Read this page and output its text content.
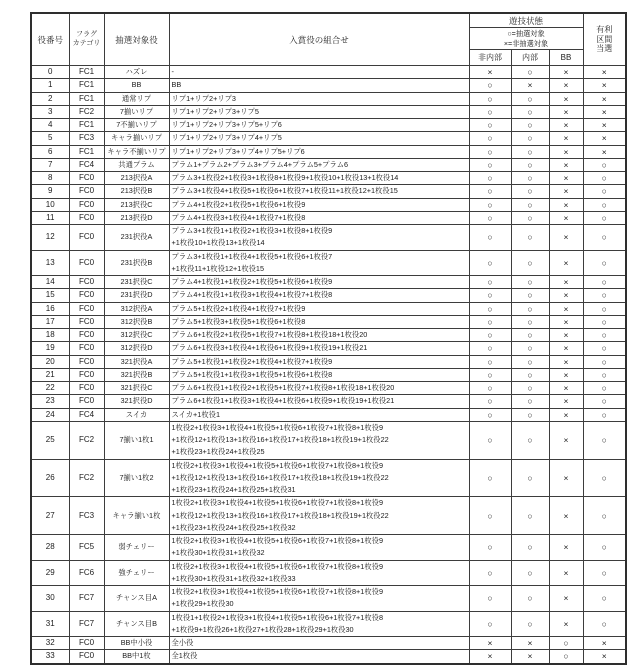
役番号	フラグ
カテゴリ	抽選対象役	入賞役の組合せ	遊技状態	
有利
区間
当選

				○=抽選対象
×=非抽選対象			

				非内部	内部	BB	
0	FC1	ハズレ	-	×	○	×	×
1	FC1	BB	BB	○	×	×	×
2	FC1	通常リプ	リプ1+リプ2+リプ3	○	○	×	×
3	FC2	7揃いリプ	リプ1+リプ2+リプ3+リプ5	○	○	×	×
4	FC1	7不揃いリプ	リプ1+リプ2+リプ3+リプ5+リプ6	○	○	×	×
5	FC3	キャラ揃いリプ	リプ1+リプ2+リプ3+リプ4+リプ5	○	○	×	×
6	FC1	キャラ不揃いリプ	リプ1+リプ2+リプ3+リプ4+リプ5+リプ6	○	○	×	×
7	FC4	共通プラム	プラム1+プラム2+プラム3+プラム4+プラム5+プラム6	○	○	×	○
8	FC0	213択役A	プラム3+1枚役2+1枚役3+1枚役8+1枚役9+1枚役10+1枚役13+1枚役14	○	○	×	○
9	FC0	213択役B	プラム3+1枚役4+1枚役5+1枚役6+1枚役7+1枚役11+1枚役12+1枚役15	○	○	×	○
10	FC0	213択役C	プラム4+1枚役2+1枚役5+1枚役6+1枚役9	○	○	×	○
11	FC0	213択役D	プラム4+1枚役3+1枚役4+1枚役7+1枚役8	○	○	×	○
12	FC0	231択役A	プラム3+1枚役1+1枚役2+1枚役3+1枚役8+1枚役9
+1枚役10+1枚役13+1枚役14	○	○	×	○
13	FC0	231択役B	プラム3+1枚役1+1枚役4+1枚役5+1枚役6+1枚役7
+1枚役11+1枚役12+1枚役15	○	○	×	○
14	FC0	231択役C	プラム4+1枚役1+1枚役2+1枚役5+1枚役6+1枚役9	○	○	×	○
15	FC0	231択役D	プラム4+1枚役1+1枚役3+1枚役4+1枚役7+1枚役8	○	○	×	○
16	FC0	312択役A	プラム5+1枚役2+1枚役4+1枚役7+1枚役9	○	○	×	○
17	FC0	312択役B	プラム5+1枚役3+1枚役5+1枚役6+1枚役8	○	○	×	○
18	FC0	312択役C	プラム6+1枚役2+1枚役5+1枚役7+1枚役8+1枚役18+1枚役20	○	○	×	○
19	FC0	312択役D	プラム6+1枚役3+1枚役4+1枚役6+1枚役9+1枚役19+1枚役21	○	○	×	○
20	FC0	321択役A	プラム5+1枚役1+1枚役2+1枚役4+1枚役7+1枚役9	○	○	×	○
21	FC0	321択役B	プラム5+1枚役1+1枚役3+1枚役5+1枚役6+1枚役8	○	○	×	○
22	FC0	321択役C	プラム6+1枚役1+1枚役2+1枚役5+1枚役7+1枚役8+1枚役18+1枚役20	○	○	×	○
23	FC0	321択役D	プラム6+1枚役1+1枚役3+1枚役4+1枚役6+1枚役9+1枚役19+1枚役21	○	○	×	○
24	FC4	スイカ	スイカ+1枚役1	○	○	×	○
25	FC2	7揃い1枚1	1枚役2+1枚役3+1枚役4+1枚役5+1枚役6+1枚役7+1枚役8+1枚役9
+1枚役12+1枚役13+1枚役16+1枚役17+1枚役18+1枚役19+1枚役22
+1枚役23+1枚役24+1枚役25	○	○	×	○
26	FC2	7揃い1枚2	1枚役2+1枚役3+1枚役4+1枚役5+1枚役6+1枚役7+1枚役8+1枚役9
+1枚役12+1枚役13+1枚役16+1枚役17+1枚役18+1枚役19+1枚役22
+1枚役23+1枚役24+1枚役25+1枚役31	○	○	×	○
27	FC3	キャラ揃い1枚	1枚役2+1枚役3+1枚役4+1枚役5+1枚役6+1枚役7+1枚役8+1枚役9
+1枚役12+1枚役13+1枚役16+1枚役17+1枚役18+1枚役19+1枚役22
+1枚役23+1枚役24+1枚役25+1枚役32	○	○	×	○
28	FC5	弱チェリー	1枚役2+1枚役3+1枚役4+1枚役5+1枚役6+1枚役7+1枚役8+1枚役9
+1枚役30+1枚役31+1枚役32	○	○	×	○
29	FC6	強チェリー	1枚役2+1枚役3+1枚役4+1枚役5+1枚役6+1枚役7+1枚役8+1枚役9
+1枚役30+1枚役31+1枚役32+1枚役33	○	○	×	○
30	FC7	チャンス目A	1枚役2+1枚役3+1枚役4+1枚役5+1枚役6+1枚役7+1枚役8+1枚役9
+1枚役29+1枚役30	○	○	×	○
31	FC7	チャンス目B	1枚役1+1枚役2+1枚役3+1枚役4+1枚役5+1枚役6+1枚役7+1枚役8
+1枚役9+1枚役26+1枚役27+1枚役28+1枚役29+1枚役30	○	○	×	○
32	FC0	BB中小役	全小役	×	×	○	×
33	FC0	BB中1枚	全1枚役	×	×	○	×
